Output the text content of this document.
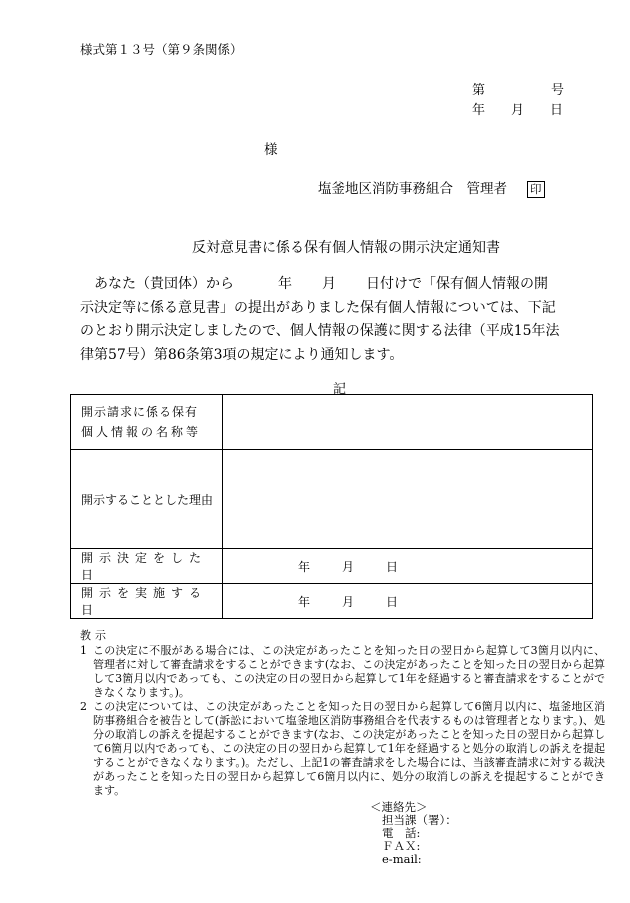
様式第１３号（第９条関係）
第	号
年 月 日
様
塩釜地区消防事務組合　管理者 印
反対意見書に係る保有個人情報の開示決定通知書
あなた（貴団体）から	年 月 日付けで「保有個人情報の開示決定等に係る意見書」の提出がありました保有個人情報については、下記のとおり開示決定しましたので、個人情報の保護に関する法律（平成15年法律第57号）第86条第3項の規定により通知します。
記
開示請求に係る保有
個人情報の名称等	

開示することとした理由	
開示決定をした日	年 月 日
開示を実施する日	年 月 日
教示
1 この決定に不服がある場合には、この決定があったことを知った日の翌日から起算して3箇月以内に、管理者に対して審査請求をすることができます(なお、この決定があったことを知った日の翌日から起算して3箇月以内であっても、この決定の日の翌日から起算して1年を経過すると審査請求をすることができなくなります。)。
2 この決定については、この決定があったことを知った日の翌日から起算して6箇月以内に、塩釜地区消防事務組合を被告として(訴訟において塩釜地区消防事務組合を代表するものは管理者となります。)、処分の取消しの訴えを提起することができます(なお、この決定があったことを知った日の翌日から起算して6箇月以内であっても、この決定の日の翌日から起算して1年を経過すると処分の取消しの訴えを提起することができなくなります。)。ただし、上記1の審査請求をした場合には、当該審査請求に対する裁決があったことを知った日の翌日から起算して6箇月以内に、処分の取消しの訴えを提起することができます。
＜連絡先＞
担当課（署）：
電　話:
ＦＡＸ:
e-mail:
